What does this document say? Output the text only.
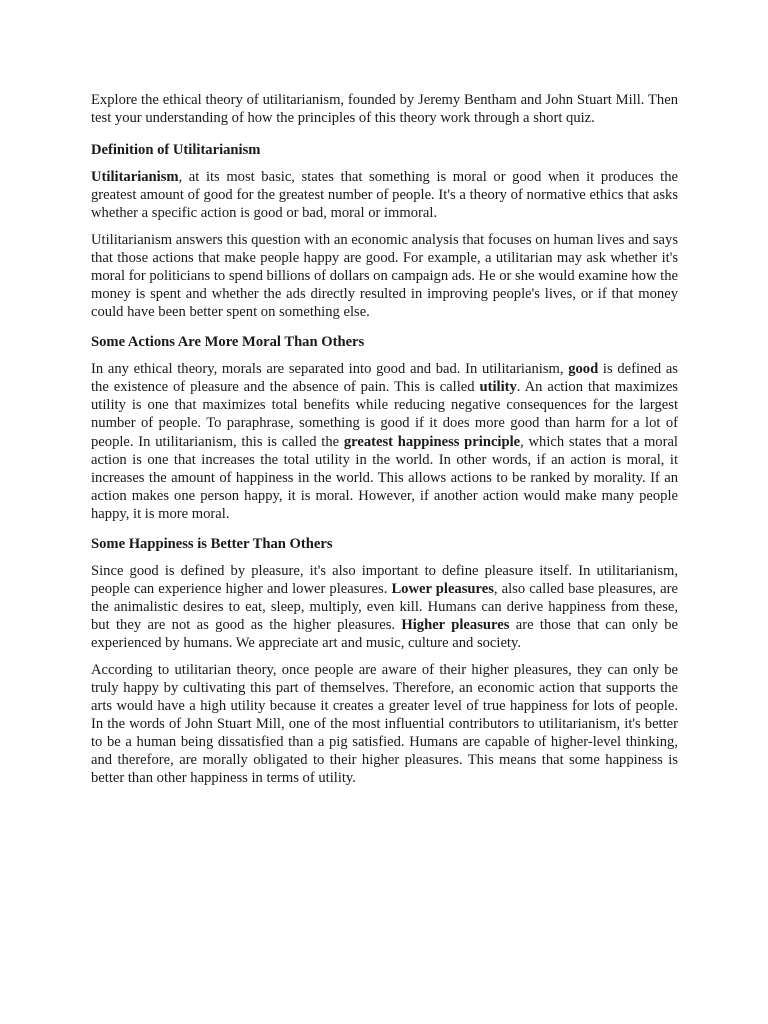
Explore the ethical theory of utilitarianism, founded by Jeremy Bentham and John Stuart Mill. Then test your understanding of how the principles of this theory work through a short quiz.

Definition of Utilitarianism

Utilitarianism, at its most basic, states that something is moral or good when it produces the greatest amount of good for the greatest number of people. It's a theory of normative ethics that asks whether a specific action is good or bad, moral or immoral.

Utilitarianism answers this question with an economic analysis that focuses on human lives and says that those actions that make people happy are good. For example, a utilitarian may ask whether it's moral for politicians to spend billions of dollars on campaign ads. He or she would examine how the money is spent and whether the ads directly resulted in improving people's lives, or if that money could have been better spent on something else.

Some Actions Are More Moral Than Others

In any ethical theory, morals are separated into good and bad. In utilitarianism, good is defined as the existence of pleasure and the absence of pain. This is called utility. An action that maximizes utility is one that maximizes total benefits while reducing negative consequences for the largest number of people. To paraphrase, something is good if it does more good than harm for a lot of people. In utilitarianism, this is called the greatest happiness principle, which states that a moral action is one that increases the total utility in the world. In other words, if an action is moral, it increases the amount of happiness in the world. This allows actions to be ranked by morality. If an action makes one person happy, it is moral. However, if another action would make many people happy, it is more moral.

Some Happiness is Better Than Others

Since good is defined by pleasure, it's also important to define pleasure itself. In utilitarianism, people can experience higher and lower pleasures. Lower pleasures, also called base pleasures, are the animalistic desires to eat, sleep, multiply, even kill. Humans can derive happiness from these, but they are not as good as the higher pleasures. Higher pleasures are those that can only be experienced by humans. We appreciate art and music, culture and society.

According to utilitarian theory, once people are aware of their higher pleasures, they can only be truly happy by cultivating this part of themselves. Therefore, an economic action that supports the arts would have a high utility because it creates a greater level of true happiness for lots of people. In the words of John Stuart Mill, one of the most influential contributors to utilitarianism, it's better to be a human being dissatisfied than a pig satisfied. Humans are capable of higher-level thinking, and therefore, are morally obligated to their higher pleasures. This means that some happiness is better than other happiness in terms of utility.
